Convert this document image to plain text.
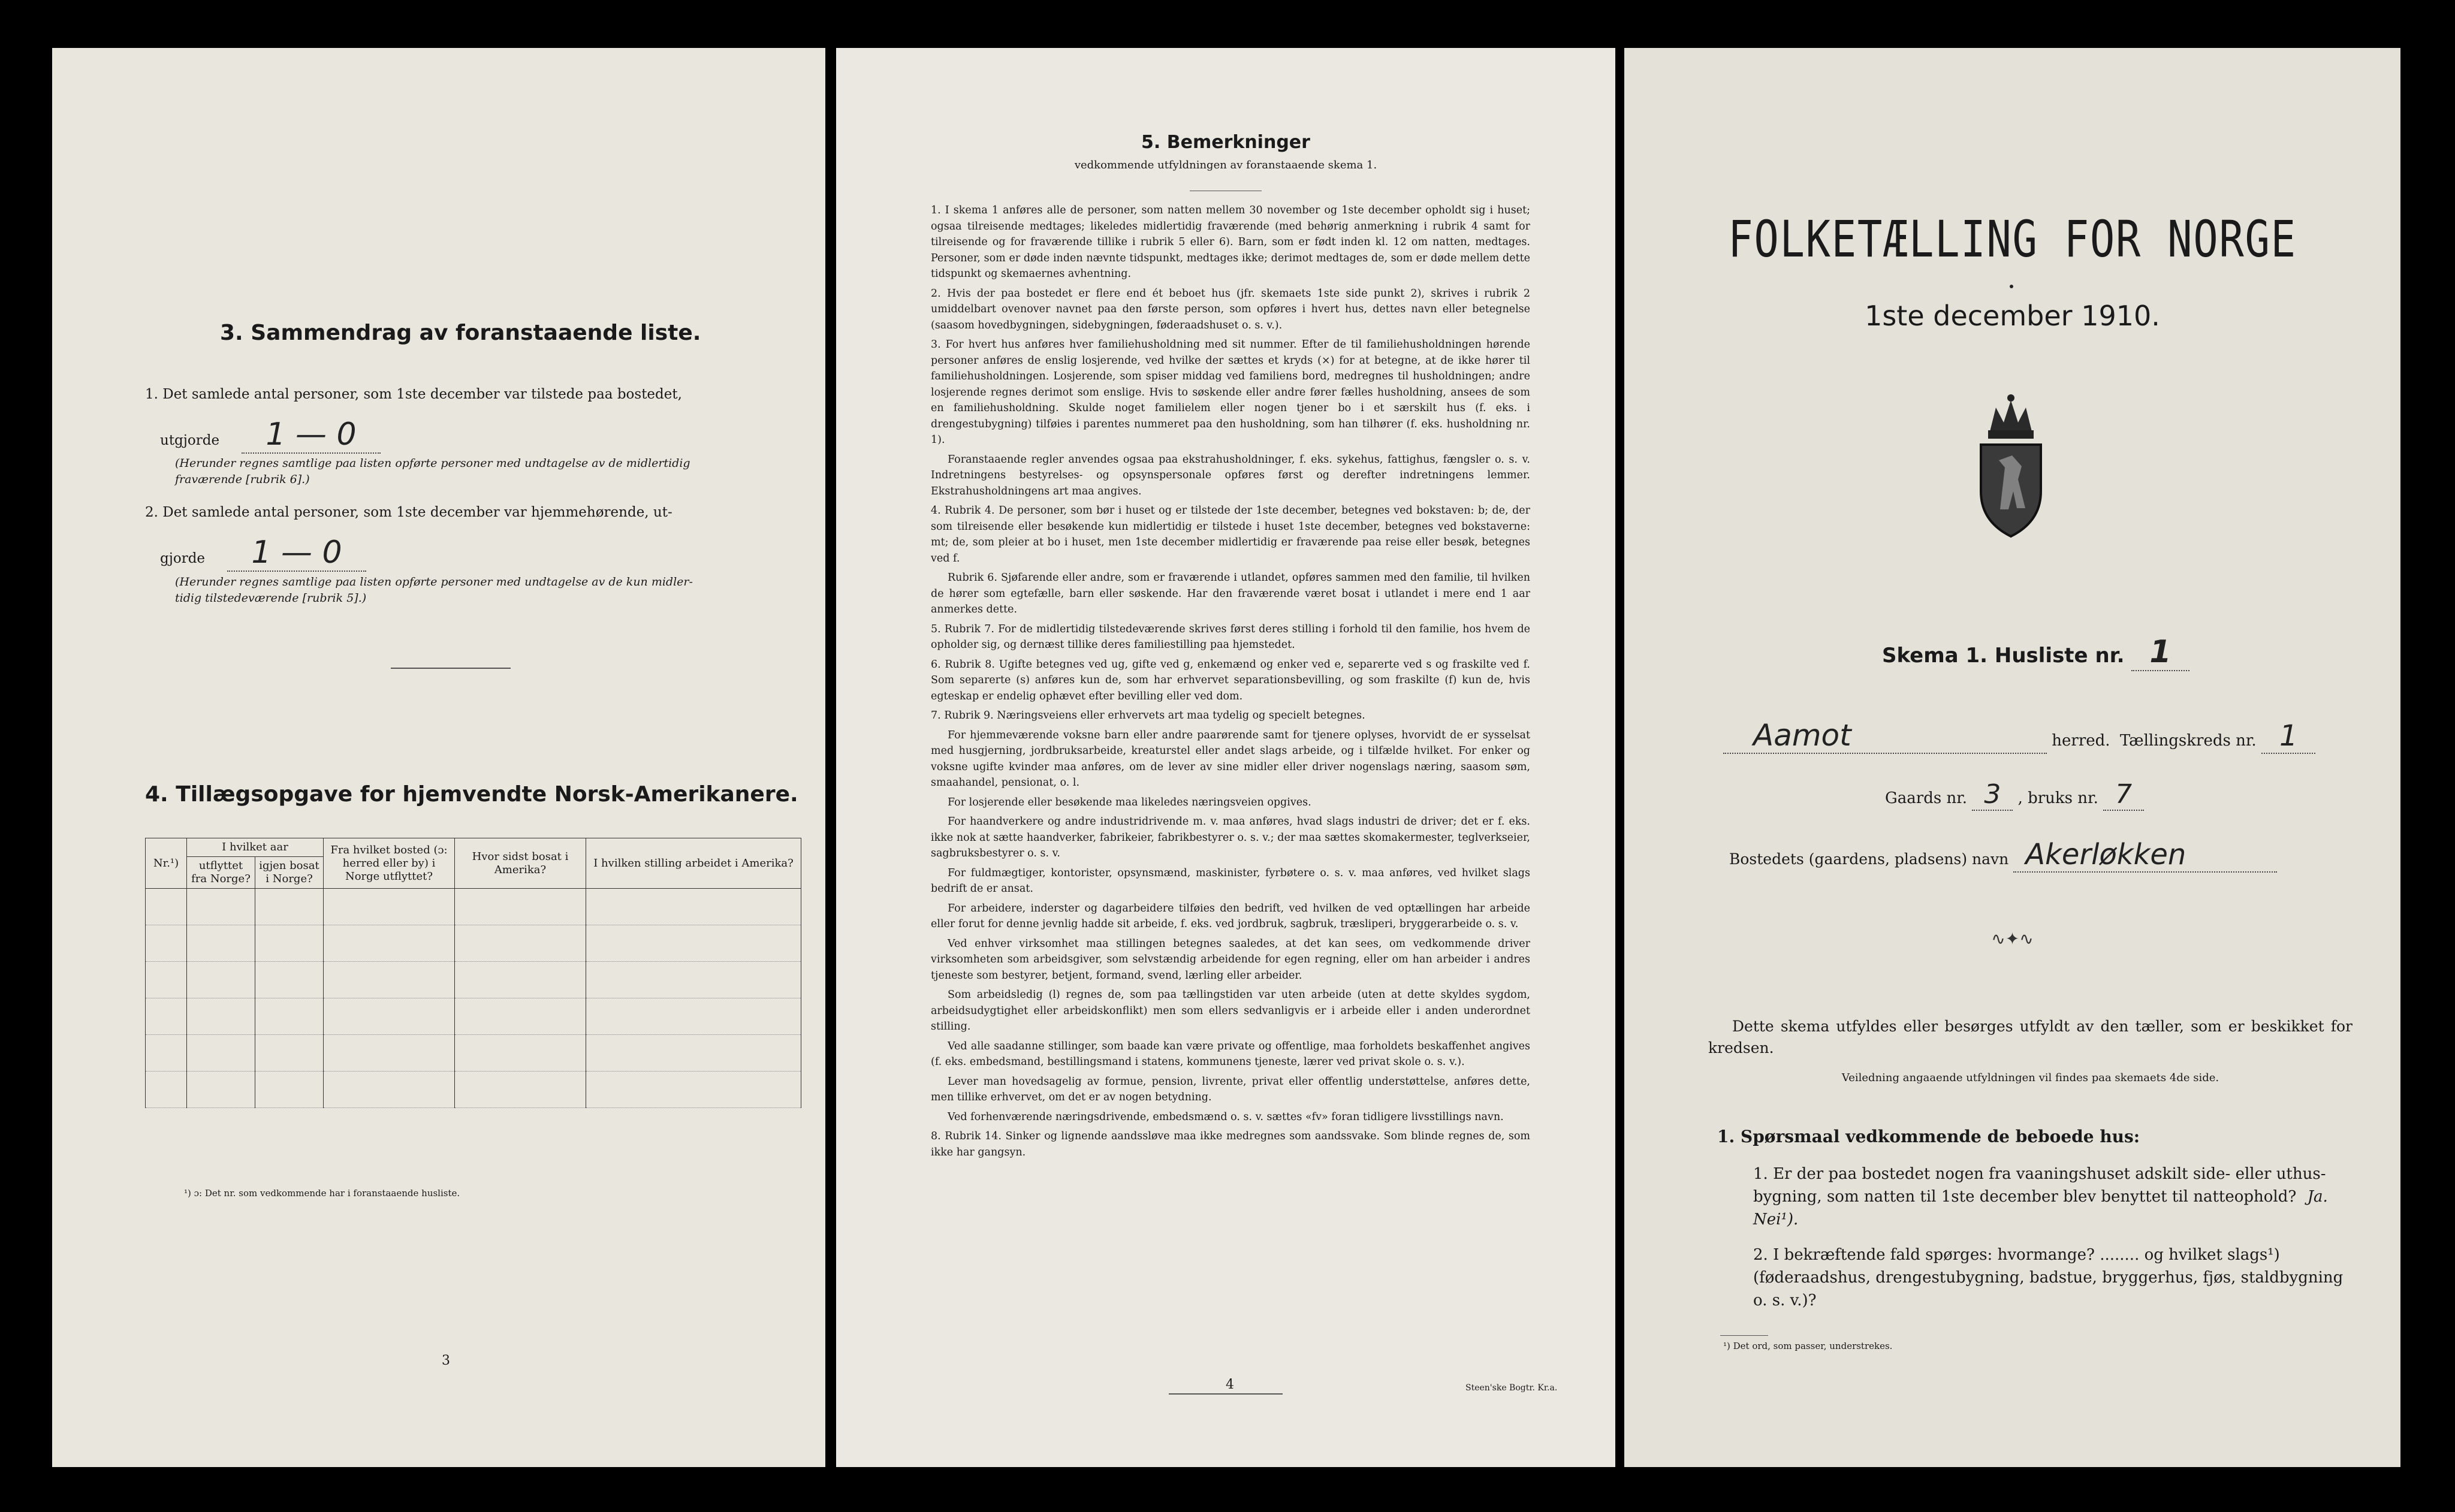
3. Sammendrag av foranstaaende liste.
1. Det samlede antal personer, som 1ste december var tilstede paa bostedet,
utgjorde 1 — 0
(Herunder regnes samtlige paa listen opførte personer med undtagelse av de midlertidig
fraværende [rubrik 6].)
2. Det samlede antal personer, som 1ste december var hjemmehørende, ut-
gjorde 1 — 0
(Herunder regnes samtlige paa listen opførte personer med undtagelse av de kun midler-
tidig tilstedeværende [rubrik 5].)
4. Tillægsopgave for hjemvendte Norsk-Amerikanere.
Nr.¹)	I hvilket aar		Fra hvilket bosted (ɔ: herred eller by) i Norge utflyttet?	Hvor sidst bosat i Amerika?	I hvilken stilling arbeidet i Amerika?
	utflyttet fra Norge?	igjen bosat i Norge?			

¹) ɔ: Det nr. som vedkommende har i foranstaaende husliste.
3
5. Bemerkninger
vedkommende utfyldningen av foranstaaende skema 1.

1. I skema 1 anføres alle de personer, som natten mellem 30 november og 1ste december opholdt sig i huset; ogsaa tilreisende medtages; likeledes midlertidig fraværende (med behørig anmerkning i rubrik 4 samt for tilreisende og for fraværende tillike i rubrik 5 eller 6). Barn, som er født inden kl. 12 om natten, medtages. Personer, som er døde inden nævnte tidspunkt, medtages ikke; derimot medtages de, som er døde mellem dette tidspunkt og skemaernes avhentning.

2. Hvis der paa bostedet er flere end ét beboet hus (jfr. skemaets 1ste side punkt 2), skrives i rubrik 2 umiddelbart ovenover navnet paa den første person, som opføres i hvert hus, dettes navn eller betegnelse (saasom hovedbygningen, sidebygningen, føderaadshuset o. s. v.).

3. For hvert hus anføres hver familiehusholdning med sit nummer. Efter de til familiehusholdningen hørende personer anføres de enslig losjerende, ved hvilke der sættes et kryds (×) for at betegne, at de ikke hører til familiehusholdningen. Losjerende, som spiser middag ved familiens bord, medregnes til husholdningen; andre losjerende regnes derimot som enslige. Hvis to søskende eller andre fører fælles husholdning, ansees de som en familiehusholdning. Skulde noget familielem eller nogen tjener bo i et særskilt hus (f. eks. i drengestubygning) tilføies i parentes nummeret paa den husholdning, som han tilhører (f. eks. husholdning nr. 1).

Foranstaaende regler anvendes ogsaa paa ekstrahusholdninger, f. eks. sykehus, fattighus, fængsler o. s. v. Indretningens bestyrelses- og opsynspersonale opføres først og derefter indretningens lemmer. Ekstrahusholdningens art maa angives.

4. Rubrik 4. De personer, som bør i huset og er tilstede der 1ste december, betegnes ved bokstaven: b; de, der som tilreisende eller besøkende kun midlertidig er tilstede i huset 1ste december, betegnes ved bokstaverne: mt; de, som pleier at bo i huset, men 1ste december midlertidig er fraværende paa reise eller besøk, betegnes ved f.

Rubrik 6. Sjøfarende eller andre, som er fraværende i utlandet, opføres sammen med den familie, til hvilken de hører som egtefælle, barn eller søskende. Har den fraværende været bosat i utlandet i mere end 1 aar anmerkes dette.

5. Rubrik 7. For de midlertidig tilstedeværende skrives først deres stilling i forhold til den familie, hos hvem de opholder sig, og dernæst tillike deres familiestilling paa hjemstedet.

6. Rubrik 8. Ugifte betegnes ved ug, gifte ved g, enkemænd og enker ved e, separerte ved s og fraskilte ved f. Som separerte (s) anføres kun de, som har erhvervet separationsbevilling, og som fraskilte (f) kun de, hvis egteskap er endelig ophævet efter bevilling eller ved dom.

7. Rubrik 9. Næringsveiens eller erhvervets art maa tydelig og specielt betegnes.

For hjemmeværende voksne barn eller andre paarørende samt for tjenere oplyses, hvorvidt de er sysselsat med husgjerning, jordbruksarbeide, kreaturstel eller andet slags arbeide, og i tilfælde hvilket. For enker og voksne ugifte kvinder maa anføres, om de lever av sine midler eller driver nogenslags næring, saasom søm, smaahandel, pensionat, o. l.

For losjerende eller besøkende maa likeledes næringsveien opgives.

For haandverkere og andre industridrivende m. v. maa anføres, hvad slags industri de driver; det er f. eks. ikke nok at sætte haandverker, fabrikeier, fabrikbestyrer o. s. v.; der maa sættes skomakermester, teglverkseier, sagbruksbestyrer o. s. v.

For fuldmægtiger, kontorister, opsynsmænd, maskinister, fyrbøtere o. s. v. maa anføres, ved hvilket slags bedrift de er ansat.

For arbeidere, inderster og dagarbeidere tilføies den bedrift, ved hvilken de ved optællingen har arbeide eller forut for denne jevnlig hadde sit arbeide, f. eks. ved jordbruk, sagbruk, træsliperi, bryggerarbeide o. s. v.

Ved enhver virksomhet maa stillingen betegnes saaledes, at det kan sees, om vedkommende driver virksomheten som arbeidsgiver, som selvstændig arbeidende for egen regning, eller om han arbeider i andres tjeneste som bestyrer, betjent, formand, svend, lærling eller arbeider.

Som arbeidsledig (l) regnes de, som paa tællingstiden var uten arbeide (uten at dette skyldes sygdom, arbeidsudygtighet eller arbeidskonflikt) men som ellers sedvanligvis er i arbeide eller i anden underordnet stilling.

Ved alle saadanne stillinger, som baade kan være private og offentlige, maa forholdets beskaffenhet angives (f. eks. embedsmand, bestillingsmand i statens, kommunens tjeneste, lærer ved privat skole o. s. v.).

Lever man hovedsagelig av formue, pension, livrente, privat eller offentlig understøttelse, anføres dette, men tillike erhvervet, om det er av nogen betydning.

Ved forhenværende næringsdrivende, embedsmænd o. s. v. sættes «fv» foran tidligere livsstillings navn.

8. Rubrik 14. Sinker og lignende aandssløve maa ikke medregnes som aandssvake. Som blinde regnes de, som ikke har gangsyn.

4	Steen'ske Bogtr. Kr.a.
FOLKETÆLLING FOR NORGE
1ste december 1910.
Skema 1. Husliste nr. 1
Aamot	herred. Tællingskreds nr. 1
Gaards nr. 3 , bruks nr. 7
Bostedets (gaardens, pladsens) navn Akerløkken
∿✦∿
Dette skema utfyldes eller besørges utfyldt av den tæller, som er beskikket for kredsen.
Veiledning angaaende utfyldningen vil findes paa skemaets 4de side.
1. Spørsmaal vedkommende de beboede hus:
1. Er der paa bostedet nogen fra vaaningshuset adskilt side- eller uthus-bygning, som natten til 1ste december blev benyttet til natteophold? Ja. Nei¹).
2. I bekræftende fald spørges: hvormange? ........ og hvilket slags¹) (føderaadshus, drengestubygning, badstue, bryggerhus, fjøs, staldbygning o. s. v.)?
¹) Det ord, som passer, understrekes.
